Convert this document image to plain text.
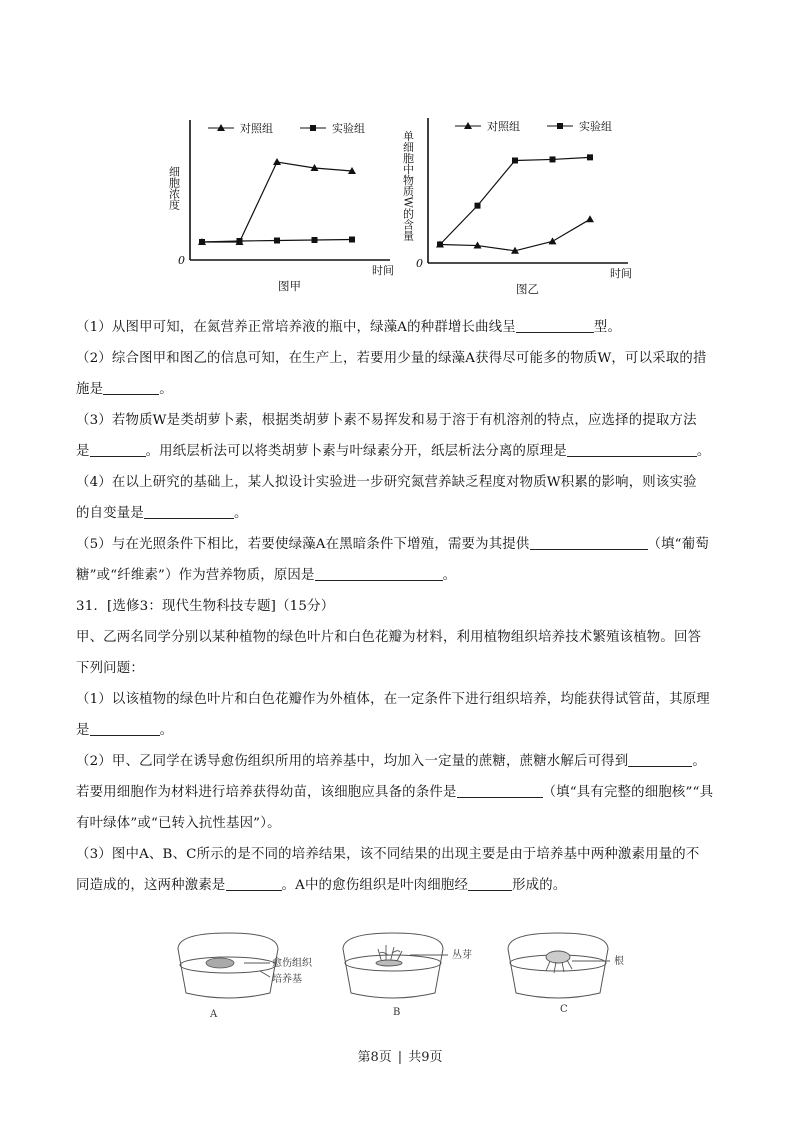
0
时间
图甲
细胞浓度
对照组	实验组
0
时间
图乙
单细胞中物质W的含量
对照组	实验组

（1）从图甲可知，在氮营养正常培养液的瓶中，绿藻A的种群增长曲线呈	型。

（2）综合图甲和图乙的信息可知，在生产上，若要用少量的绿藻A获得尽可能多的物质W，可以采取的措

施是	。

（3）若物质W是类胡萝卜素，根据类胡萝卜素不易挥发和易于溶于有机溶剂的特点，应选择的提取方法

是	。用纸层析法可以将类胡萝卜素与叶绿素分开，纸层析法分离的原理是	。

（4）在以上研究的基础上，某人拟设计实验进一步研究氮营养缺乏程度对物质W积累的影响，则该实验

的自变量是	。

（5）与在光照条件下相比，若要使绿藻A在黑暗条件下增殖，需要为其提供	（填“葡萄

糖”或“纤维素”）作为营养物质，原因是	。

31．[选修3：现代生物科技专题]（15分）

甲、乙两名同学分别以某种植物的绿色叶片和白色花瓣为材料，利用植物组织培养技术繁殖该植物。回答

下列问题：

（1）以该植物的绿色叶片和白色花瓣作为外植体，在一定条件下进行组织培养，均能获得试管苗，其原理

是	。

（2）甲、乙同学在诱导愈伤组织所用的培养基中，均加入一定量的蔗糖，蔗糖水解后可得到	。

若要用细胞作为材料进行培养获得幼苗，该细胞应具备的条件是	（填“具有完整的细胞核”“具

有叶绿体”或“已转入抗性基因”）。

（3）图中A、B、C所示的是不同的培养结果，该不同结果的出现主要是由于培养基中两种激素用量的不

同造成的，这两种激素是	。A中的愈伤组织是叶肉细胞经	形成的。

愈伤组织
培养基
丛芽
根
A	B	C
第8页 | 共9页
